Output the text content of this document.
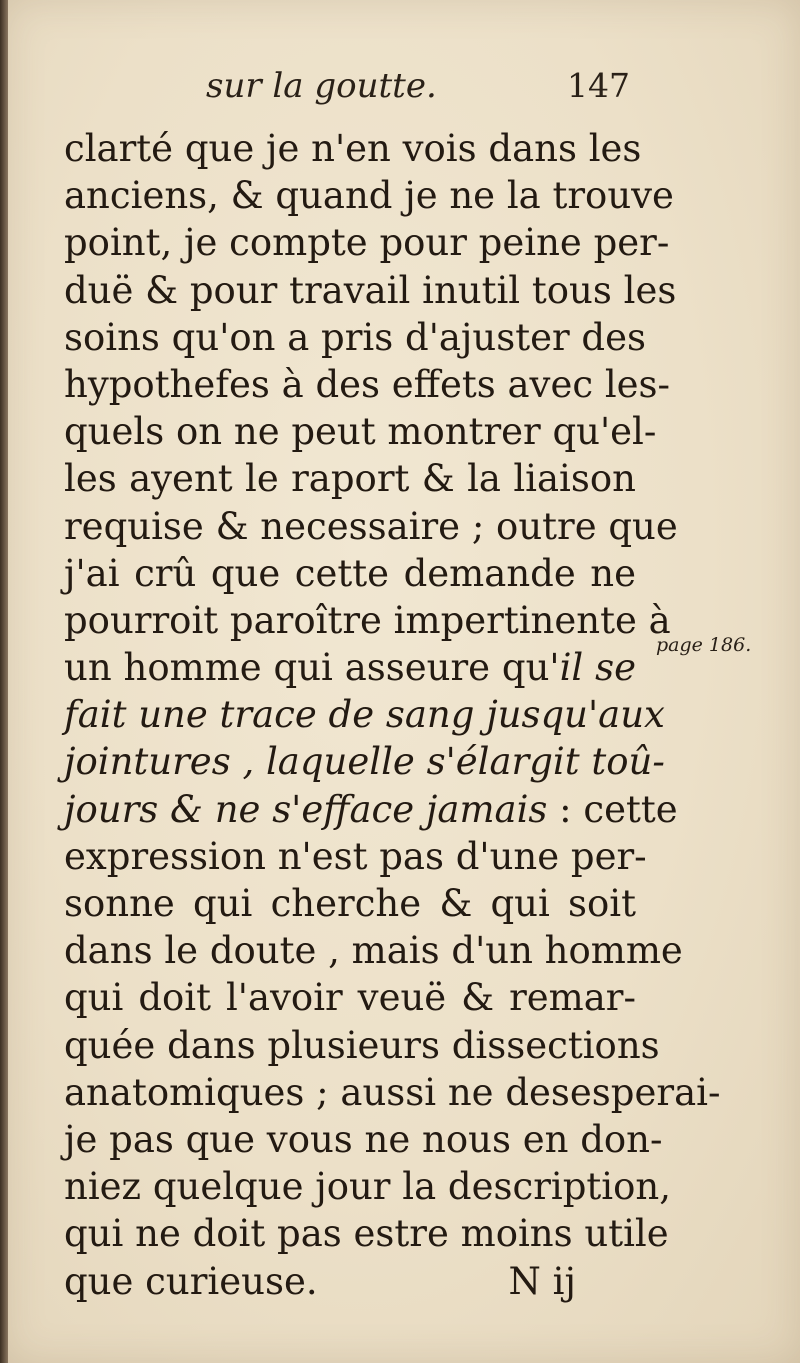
sur la goutte.	147
clarté que je n'en vois dans les
anciens, & quand je ne la trouve
point, je compte pour peine per-
duë & pour travail inutil tous les
soins qu'on a pris d'ajuster des
hypothefes à des effets avec les-
quels on ne peut montrer qu'el-
les ayent le raport & la liaison
requise & necessaire ; outre que
j'ai crû que cette demande ne
pourroit paroître impertinente à
un homme qui asseure qu'il se
fait une trace de sang jusqu'aux
jointures , laquelle s'élargit toû-
jours & ne s'efface jamais : cette
expression n'est pas d'une per-
sonne qui cherche & qui soit
dans le doute , mais d'un homme
qui doit l'avoir veuë & remar-
quée dans plusieurs dissections
anatomiques ; aussi ne desesperai-
je pas que vous ne nous en don-
niez quelque jour la description,
qui ne doit pas estre moins utile
que curieuse.	N ij
page 186.
